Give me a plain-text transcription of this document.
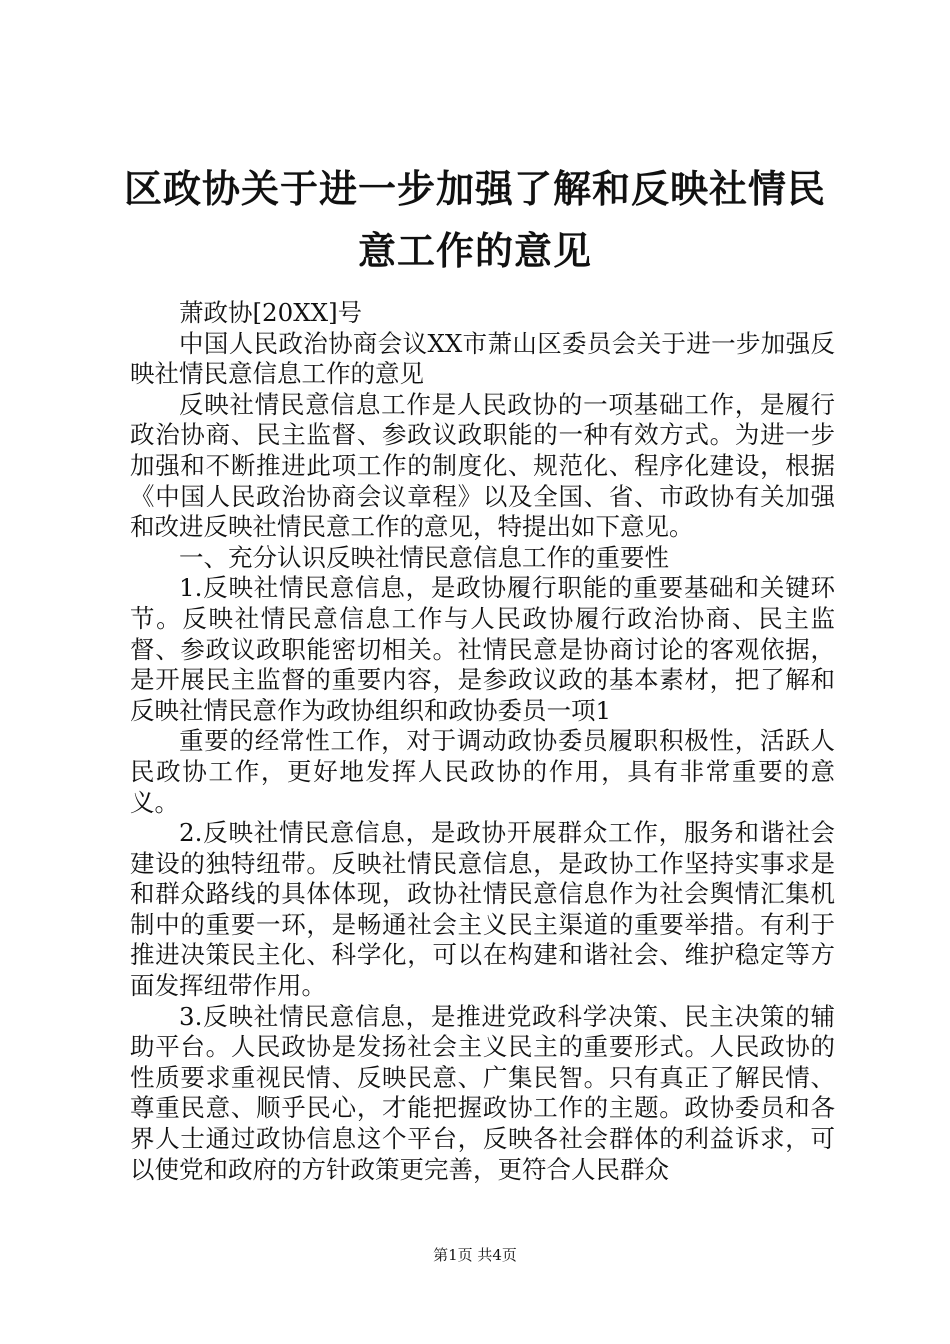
区政协关于进一步加强了解和反映社情民意工作的意见

萧政协[20XX]号

中国人民政治协商会议XX市萧山区委员会关于进一步加强反映社情民意信息工作的意见

反映社情民意信息工作是人民政协的一项基础工作，是履行政治协商、民主监督、参政议政职能的一种有效方式。为进一步加强和不断推进此项工作的制度化、规范化、程序化建设，根据《中国人民政治协商会议章程》以及全国、省、市政协有关加强和改进反映社情民意工作的意见，特提出如下意见。

一、充分认识反映社情民意信息工作的重要性

1.反映社情民意信息，是政协履行职能的重要基础和关键环节。反映社情民意信息工作与人民政协履行政治协商、民主监督、参政议政职能密切相关。社情民意是协商讨论的客观依据，是开展民主监督的重要内容，是参政议政的基本素材，把了解和反映社情民意作为政协组织和政协委员一项1

重要的经常性工作，对于调动政协委员履职积极性，活跃人民政协工作，更好地发挥人民政协的作用，具有非常重要的意义。

2.反映社情民意信息，是政协开展群众工作，服务和谐社会建设的独特纽带。反映社情民意信息，是政协工作坚持实事求是和群众路线的具体体现，政协社情民意信息作为社会舆情汇集机制中的重要一环，是畅通社会主义民主渠道的重要举措。有利于推进决策民主化、科学化，可以在构建和谐社会、维护稳定等方面发挥纽带作用。

3.反映社情民意信息，是推进党政科学决策、民主决策的辅助平台。人民政协是发扬社会主义民主的重要形式。人民政协的性质要求重视民情、反映民意、广集民智。只有真正了解民情、尊重民意、顺乎民心，才能把握政协工作的主题。政协委员和各界人士通过政协信息这个平台，反映各社会群体的利益诉求，可以使党和政府的方针政策更完善，更符合人民群众

第1页 共4页
